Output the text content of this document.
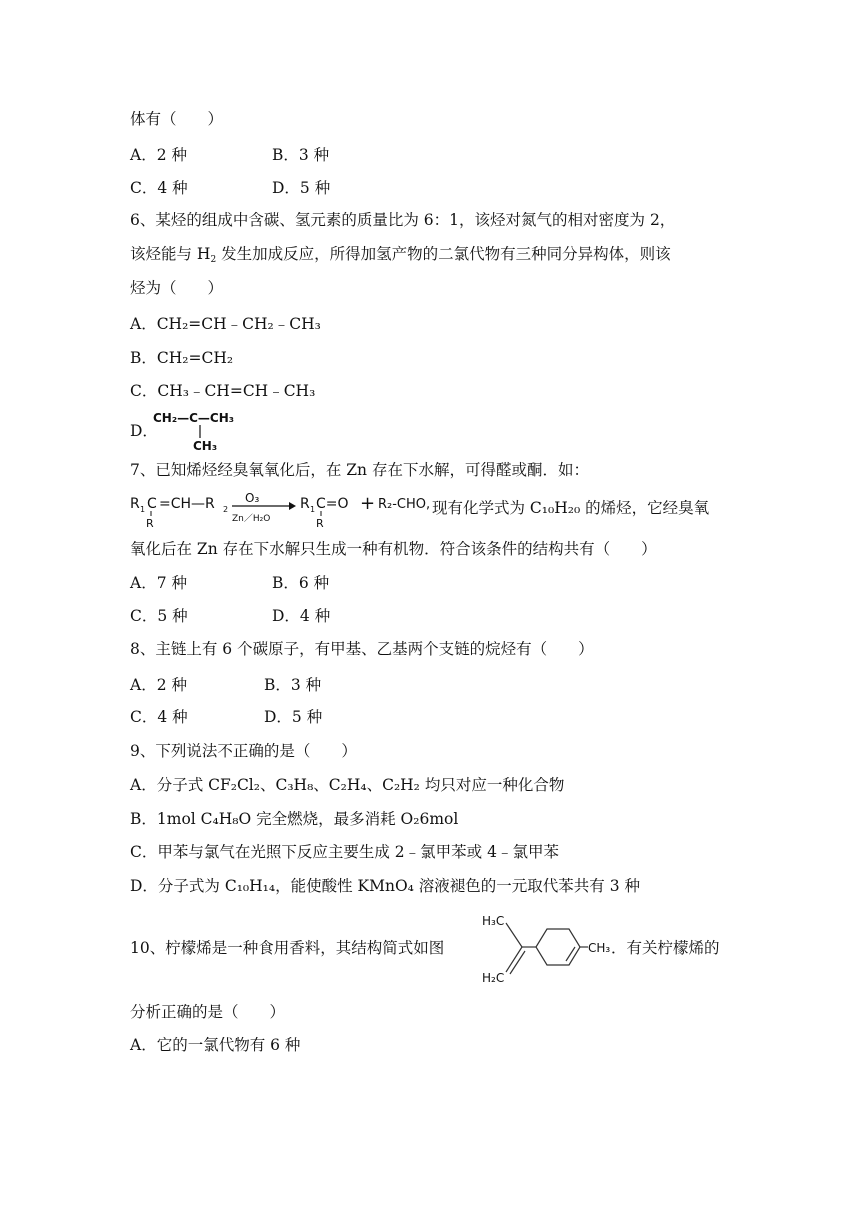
体有（　　）
A．2 种	B．3 种
C．4 种	D．5 种
6、某烃的组成中含碳、氢元素的质量比为 6：1，该烃对氮气的相对密度为 2，
该烃能与 $H_2$ 发生加成反应，所得加氢产物的二氯代物有三种同分异构体，则该
烃为（　　）
A．CH₂=CH﹣CH₂﹣CH₃
B．CH₂=CH₂
C．CH₃﹣CH=CH﹣CH₃
D．
CH₂—C—CH₃
CH₃
7、已知烯烃经臭氧氧化后，在 Zn 存在下水解，可得醛或酮．如：
R 1 C
R
=CH—R 2
O₃
Zn／H₂O
R 1 C=O
R
+ R₂-CHO, 现有化学式为 C₁₀H₂₀ 的烯烃，它经臭氧
氧化后在 Zn 存在下水解只生成一种有机物．符合该条件的结构共有（　　）
A．7 种	B．6 种
C．5 种	D．4 种
8、主链上有 6 个碳原子，有甲基、乙基两个支链的烷烃有（　　）
A．2 种	B．3 种
C．4 种	D．5 种
9、下列说法不正确的是（　　）
A．分子式 CF₂Cl₂、C₃H₈、C₂H₄、C₂H₂ 均只对应一种化合物
B．1mol C₄H₈O 完全燃烧，最多消耗 O₂6mol
C．甲苯与氯气在光照下反应主要生成 2﹣氯甲苯或 4﹣氯甲苯
D．分子式为 C₁₀H₁₄，能使酸性 KMnO₄ 溶液褪色的一元取代苯共有 3 种
10、柠檬烯是一种食用香料，其结构简式如图
H₃C
H₂C
CH₃ ．有关柠檬烯的
分析正确的是（　　）
A．它的一氯代物有 6 种
